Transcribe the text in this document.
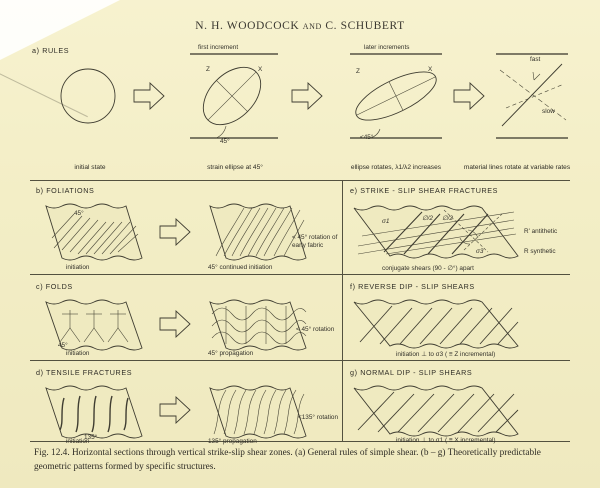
N. H. WOODCOCK and C. SCHUBERT
a) RULES
initial state
first increment
strain ellipse at 45°
later increments
ellipse rotates, λ1/λ2 increases	material lines rotate at variable rates
45°
<45°
Z	X	Z	X
fast
slow
b) FOLIATIONS
45°
< 45° rotation of early fabric
initiation	45° continued initiation
c) FOLDS
45°
< 45° rotation
initiation	45° propagation
d) TENSILE FRACTURES
135°
<135° rotation
initiation	135° propagation
e) STRIKE - SLIP SHEAR FRACTURES
σ1
σ3
∅/2 ∅/2
R' antithetic
R synthetic
conjugate shears (90 - ∅°) apart
f) REVERSE DIP - SLIP SHEARS
initiation ⊥ to σ3 ( ≡ Z incremental)
g) NORMAL DIP - SLIP SHEARS
initiation ⊥ to σ1 ( ≡ X incremental)
Fig. 12.4. Horizontal sections through vertical strike-slip shear zones. (a) General rules of simple shear. (b – g) Theoretically predictable geometric patterns formed by specific structures.
